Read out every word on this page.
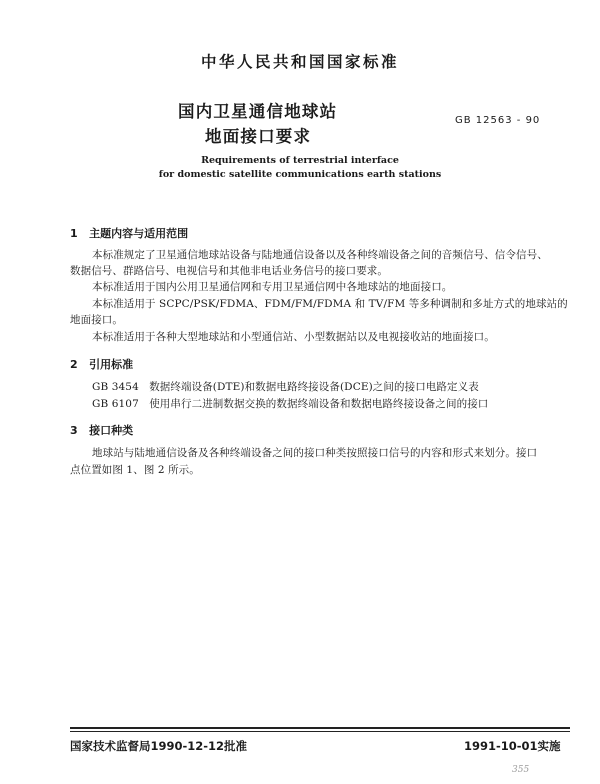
中华人民共和国国家标准
国内卫星通信地球站
地面接口要求
GB 12563 - 90
Requirements of terrestrial interface
for domestic satellite communications earth stations
1 主题内容与适用范围
本标准规定了卫星通信地球站设备与陆地通信设备以及各种终端设备之间的音频信号、信令信号、
数据信号、群路信号、电视信号和其他非电话业务信号的接口要求。
本标准适用于国内公用卫星通信网和专用卫星通信网中各地球站的地面接口。
本标准适用于 SCPC/PSK/FDMA、FDM/FM/FDMA 和 TV/FM 等多种调制和多址方式的地球站的
地面接口。
本标准适用于各种大型地球站和小型通信站、小型数据站以及电视接收站的地面接口。
2 引用标准
GB 3454 数据终端设备(DTE)和数据电路终接设备(DCE)之间的接口电路定义表
GB 6107 使用串行二进制数据交换的数据终端设备和数据电路终接设备之间的接口
3 接口种类
地球站与陆地通信设备及各种终端设备之间的接口种类按照接口信号的内容和形式来划分。接口
点位置如图 1、图 2 所示。
国家技术监督局1990-12-12批准	1991-10-01实施
355
